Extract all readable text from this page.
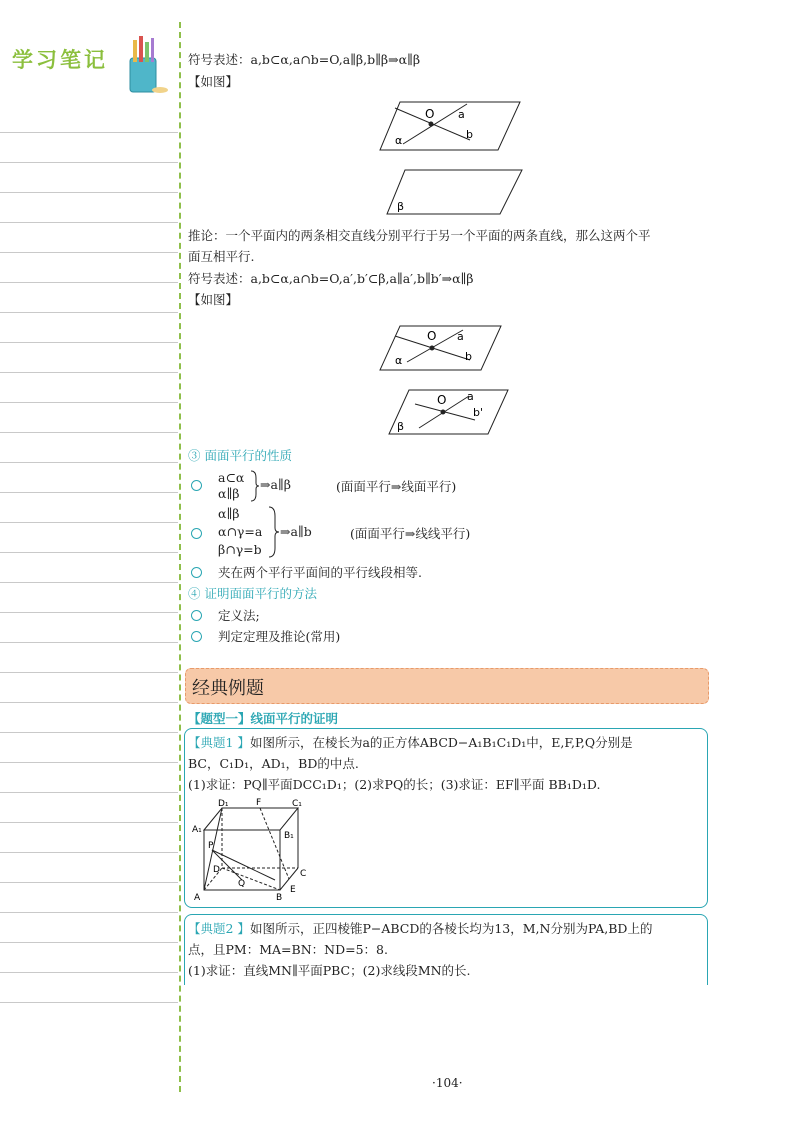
学习笔记	符号表述：a,b⊂α,a∩b=O,a∥β,b∥β⇒α∥β
【如图】
O a
b
α
β
推论：一个平面内的两条相交直线分别平行于另一个平面的两条直线，那么这两个平
面互相平行.
符号表述：a,b⊂α,a∩b=O,a′,b′⊂β,a∥a′,b∥b′⇒α∥β
【如图】
O a
b
α
O a
b'
β
③ 面面平行的性质
a⊂α
α∥β
⇒a∥β	(面面平行⇒线面平行)
α∥β
α∩γ=a
β∩γ=b
⇒a∥b	(面面平行⇒线线平行)
夹在两个平行平面间的平行线段相等.
④ 证明面面平行的方法
定义法;
判定定理及推论(常用)
经典例题
【题型一】线面平行的证明
【典题1 】如图所示，在棱长为a的正方体ABCD−A₁B₁C₁D₁中，E,F,P,Q分别是
BC，C₁D₁，AD₁，BD的中点.
(1)求证：PQ∥平面DCC₁D₁；(2)求PQ的长；(3)求证：EF∥平面 BB₁D₁D.
D₁	F	C₁
A₁
B₁
P
D
Q
C
A	B
E
【典题2 】如图所示，正四棱锥P−ABCD的各棱长均为13，M,N分别为PA,BD上的
点，且PM：MA=BN：ND=5：8.
(1)求证：直线MN∥平面PBC；(2)求线段MN的长.
·104·
